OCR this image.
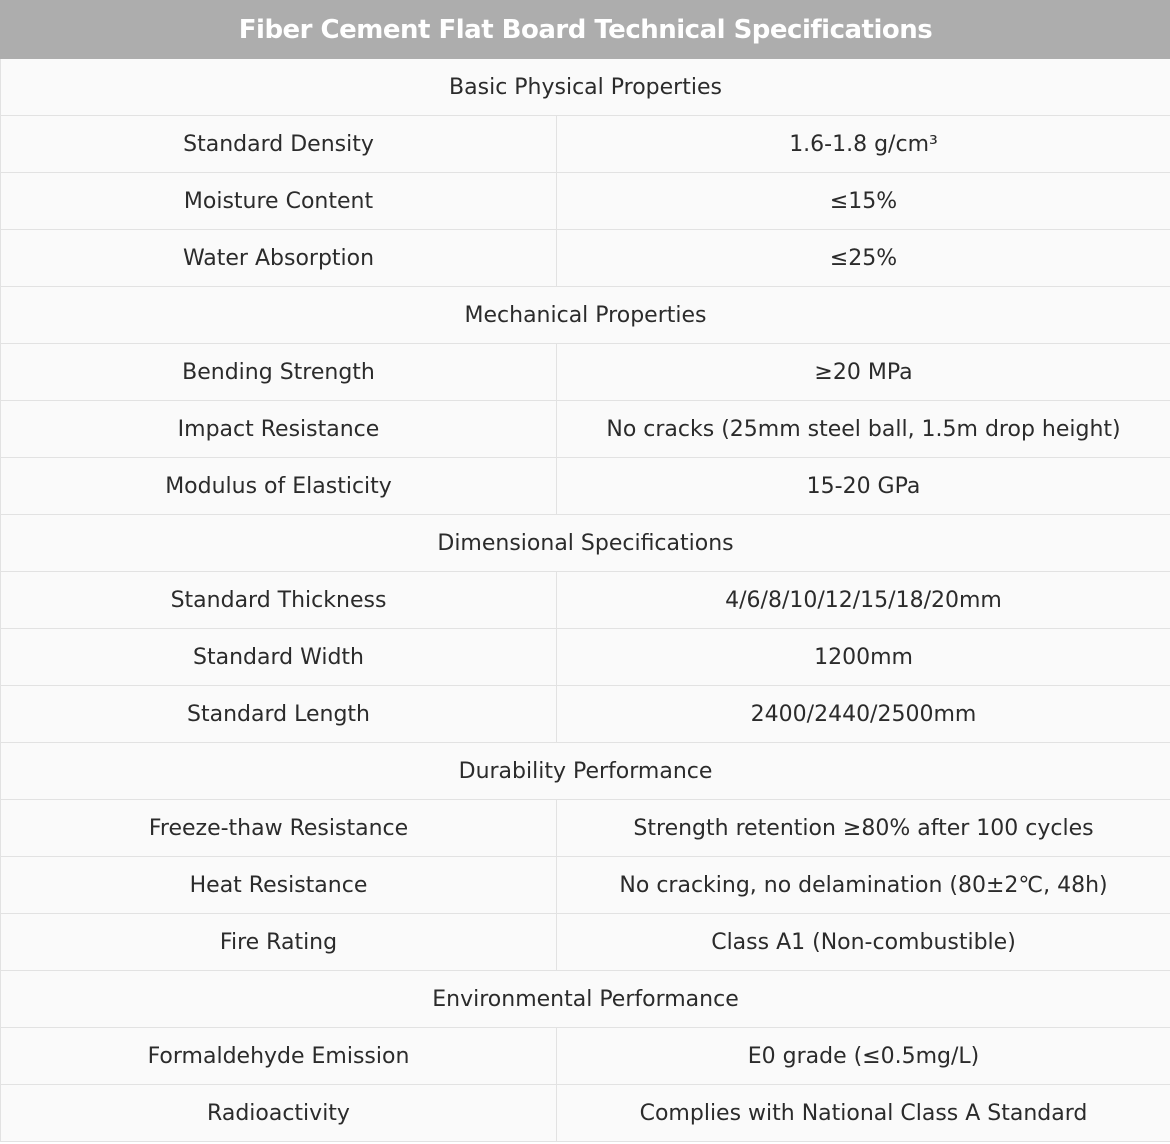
Fiber Cement Flat Board Technical Specifications	
Basic Physical Properties	
Standard Density	1.6-1.8 g/cm³
Moisture Content	≤15%
Water Absorption	≤25%
Mechanical Properties	
Bending Strength	≥20 MPa
Impact Resistance	No cracks (25mm steel ball, 1.5m drop height)
Modulus of Elasticity	15-20 GPa
Dimensional Specifications	
Standard Thickness	4/6/8/10/12/15/18/20mm
Standard Width	1200mm
Standard Length	2400/2440/2500mm
Durability Performance	
Freeze-thaw Resistance	Strength retention ≥80% after 100 cycles
Heat Resistance	No cracking, no delamination (80±2℃, 48h)
Fire Rating	Class A1 (Non-combustible)
Environmental Performance	
Formaldehyde Emission	E0 grade (≤0.5mg/L)
Radioactivity	Complies with National Class A Standard
